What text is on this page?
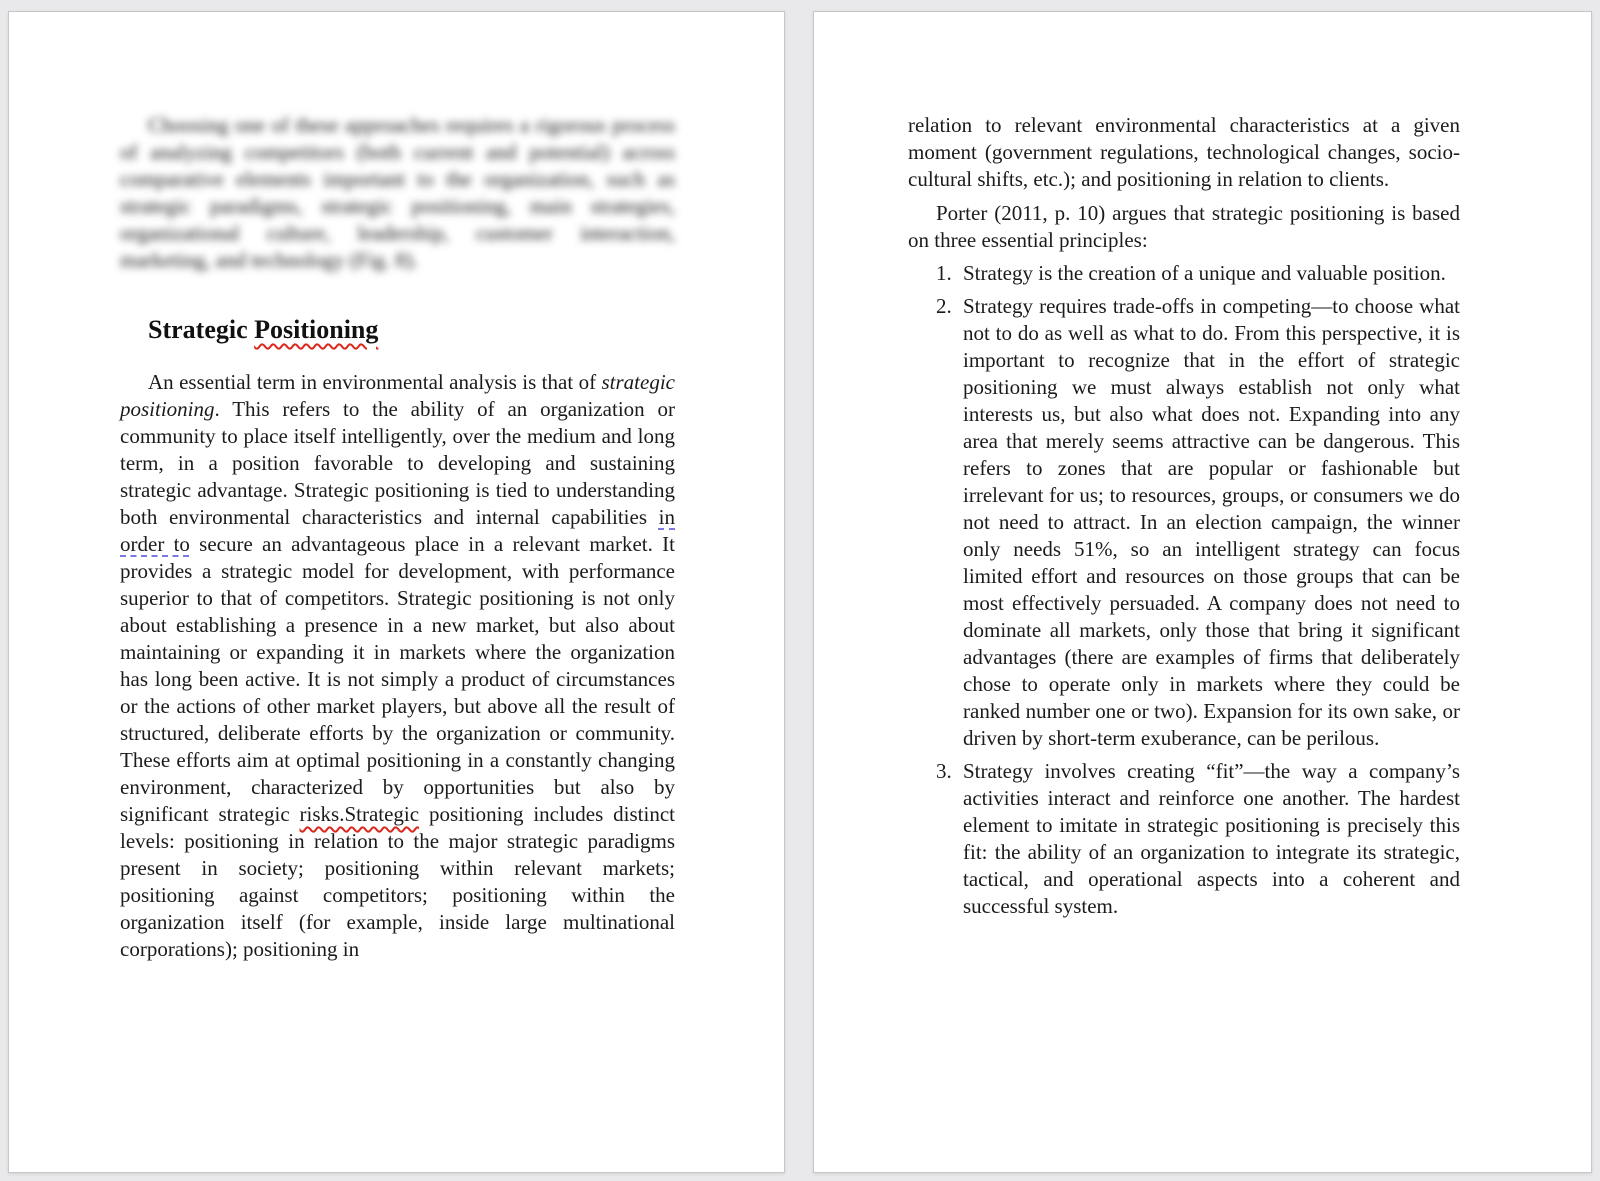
Choosing one of these approaches requires a rigorous process of analyzing competitors (both current and potential) across comparative elements important to the organization, such as strategic paradigms, strategic positioning, main strategies, organizational culture, leadership, customer interaction, marketing, and technology (Fig. 8).

Strategic Positioning

An essential term in environmental analysis is that of strategic positioning. This refers to the ability of an organization or community to place itself intelligently, over the medium and long term, in a position favorable to developing and sustaining strategic advantage. Strategic positioning is tied to understanding both environmental characteristics and internal capabilities in order to secure an advantageous place in a relevant market. It provides a strategic model for development, with performance superior to that of competitors. Strategic positioning is not only about establishing a presence in a new market, but also about maintaining or expanding it in markets where the organization has long been active. It is not simply a product of circumstances or the actions of other market players, but above all the result of structured, deliberate efforts by the organization or community. These efforts aim at optimal positioning in a constantly changing environment, characterized by opportunities but also by significant strategic risks.Strategic positioning includes distinct levels: positioning in relation to the major strategic paradigms present in society; positioning within relevant markets; positioning against competitors; positioning within the organization itself (for example, inside large multinational corporations); positioning in

relation to relevant environmental characteristics at a given moment (government regulations, technological changes, socio-cultural shifts, etc.); and positioning in relation to clients.

Porter (2011, p. 10) argues that strategic positioning is based on three essential principles:

1. Strategy is the creation of a unique and valuable position.
2. Strategy requires trade-offs in competing—to choose what not to do as well as what to do. From this perspective, it is important to recognize that in the effort of strategic positioning we must always establish not only what interests us, but also what does not. Expanding into any area that merely seems attractive can be dangerous. This refers to zones that are popular or fashionable but irrelevant for us; to resources, groups, or consumers we do not need to attract. In an election campaign, the winner only needs 51%, so an intelligent strategy can focus limited effort and resources on those groups that can be most effectively persuaded. A company does not need to dominate all markets, only those that bring it significant advantages (there are examples of firms that deliberately chose to operate only in markets where they could be ranked number one or two). Expansion for its own sake, or driven by short-term exuberance, can be perilous.
3. Strategy involves creating “fit”—the way a company’s activities interact and reinforce one another. The hardest element to imitate in strategic positioning is precisely this fit: the ability of an organization to integrate its strategic, tactical, and operational aspects into a coherent and successful system.
